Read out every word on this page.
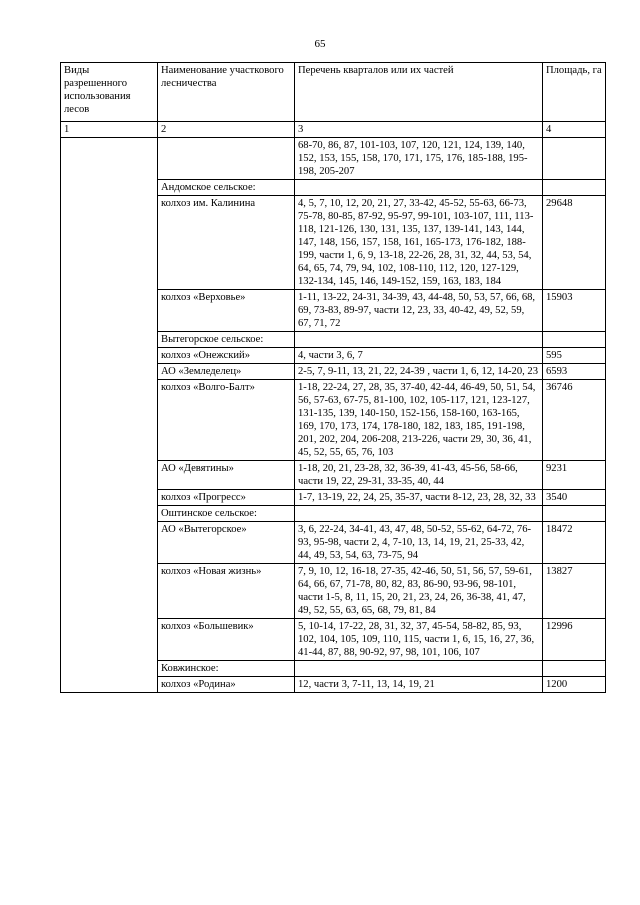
65
Виды разрешенного использования лесов	Наименование участкового лесничества	Перечень кварталов или их частей	Площадь, га
1	2	3	4
		68-70, 86, 87, 101-103, 107, 120, 121, 124, 139, 140, 152, 153, 155, 158, 170, 171, 175, 176, 185-188, 195-198, 205-207	
	Андомское сельское:		
	колхоз им. Калинина	4, 5, 7, 10, 12, 20, 21, 27, 33-42, 45-52, 55-63, 66-73, 75-78, 80-85, 87-92, 95-97, 99-101, 103-107, 111, 113-118, 121-126, 130, 131, 135, 137, 139-141, 143, 144, 147, 148, 156, 157, 158, 161, 165-173, 176-182, 188-199, части 1, 6, 9, 13-18, 22-26, 28, 31, 32, 44, 53, 54, 64, 65, 74, 79, 94, 102, 108-110, 112, 120, 127-129, 132-134, 145, 146, 149-152, 159, 163, 183, 184	29648
	колхоз «Верховье»	1-11, 13-22, 24-31, 34-39, 43, 44-48, 50, 53, 57, 66, 68, 69, 73-83, 89-97, части 12, 23, 33, 40-42, 49, 52, 59, 67, 71, 72	15903
	Вытегорское сельское:		
	колхоз «Онежский»	4, части 3, 6, 7	595
	АО «Земледелец»	2-5, 7, 9-11, 13, 21, 22, 24-39 , части 1, 6, 12, 14-20, 23	6593
	колхоз «Волго-Балт»	1-18, 22-24, 27, 28, 35, 37-40, 42-44, 46-49, 50, 51, 54, 56, 57-63, 67-75, 81-100, 102, 105-117, 121, 123-127, 131-135, 139, 140-150, 152-156, 158-160, 163-165, 169, 170, 173, 174, 178-180, 182, 183, 185, 191-198, 201, 202, 204, 206-208, 213-226, части 29, 30, 36, 41, 45, 52, 55, 65, 76, 103	36746
	АО «Девятины»	1-18, 20, 21, 23-28, 32, 36-39, 41-43, 45-56, 58-66, части 19, 22, 29-31, 33-35, 40, 44	9231
	колхоз «Прогресс»	1-7, 13-19, 22, 24, 25, 35-37, части 8-12, 23, 28, 32, 33	3540
	Оштинское сельское:		
	АО «Вытегорское»	3, 6, 22-24, 34-41, 43, 47, 48, 50-52, 55-62, 64-72, 76-93, 95-98, части 2, 4, 7-10, 13, 14, 19, 21, 25-33, 42, 44, 49, 53, 54, 63, 73-75, 94	18472
	колхоз «Новая жизнь»	7, 9, 10, 12, 16-18, 27-35, 42-46, 50, 51, 56, 57, 59-61, 64, 66, 67, 71-78, 80, 82, 83, 86-90, 93-96, 98-101, части 1-5, 8, 11, 15, 20, 21, 23, 24, 26, 36-38, 41, 47, 49, 52, 55, 63, 65, 68, 79, 81, 84	13827
	колхоз «Большевик»	5, 10-14, 17-22, 28, 31, 32, 37, 45-54, 58-82, 85, 93, 102, 104, 105, 109, 110, 115, части 1, 6, 15, 16, 27, 36, 41-44, 87, 88, 90-92, 97, 98, 101, 106, 107	12996
	Ковжинское:		
	колхоз «Родина»	12, части 3, 7-11, 13, 14, 19, 21	1200
